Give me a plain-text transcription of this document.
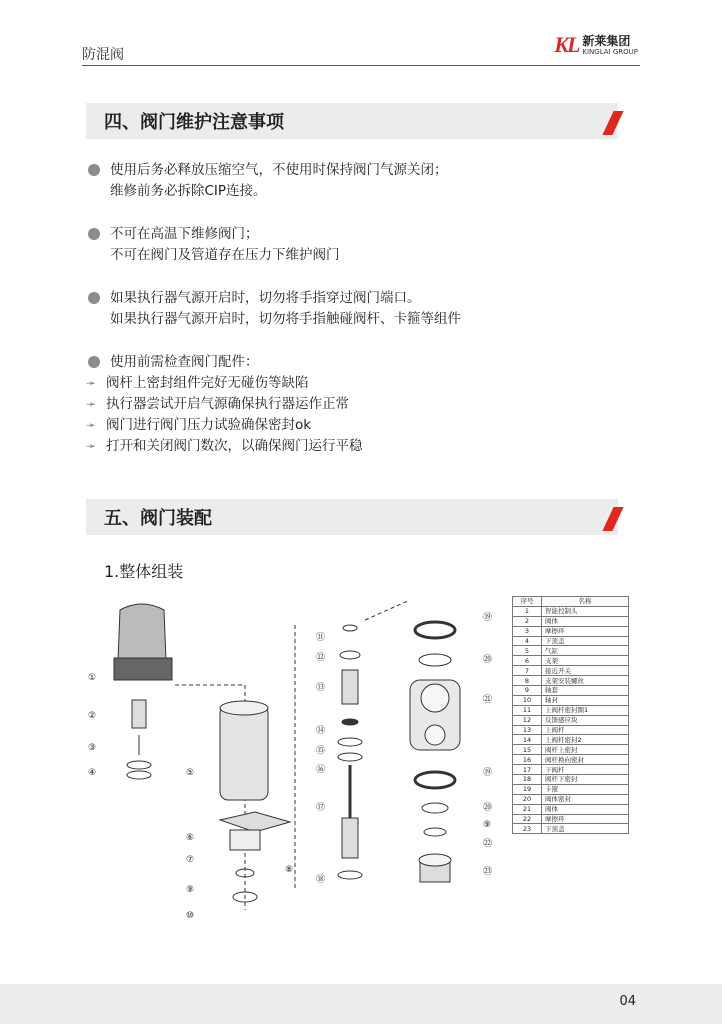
防混阀	KL 新莱集团
KINGLAI GROUP
四、阀门维护注意事项
使用后务必释放压缩空气，不使用时保持阀门气源关闭；
维修前务必拆除CIP连接。
不可在高温下维修阀门；
不可在阀门及管道存在压力下维护阀门
如果执行器气源开启时，切勿将手指穿过阀门端口。
如果执行器气源开启时，切勿将手指触碰阀杆、卡箍等组件
使用前需检查阀门配件：
➛ 阀杆上密封组件完好无碰伤等缺陷
➛ 执行器尝试开启气源确保执行器运作正常
➛ 阀门进行阀门压力试验确保密封ok
➛ 打开和关闭阀门数次，以确保阀门运行平稳
五、阀门装配
1.整体组装
①
②
③
④	⑤
⑥
⑦
⑧
⑨
⑩
⑪
⑫
⑬
⑭
⑮
⑯
⑰
⑱
⑲
⑳
㉑
⑲
⑳
⑨
㉒
㉓
序号	名称
1	智能控制头
2	阀体
3	摩擦环
4	下顶盖
5	气缸
6	支架
7	接近开关
8	支架安装螺丝
9	轴套
10	轴封
11	上阀杆密封圈1
12	反馈感应块
13	上阀杆
14	上阀杆密封2
15	阀杆上密封
16	阀杆换向密封
17	下阀杆
18	阀杆下密封
19	卡箍
20	阀体密封
21	阀体
22	摩擦环
23	下顶盖
04
